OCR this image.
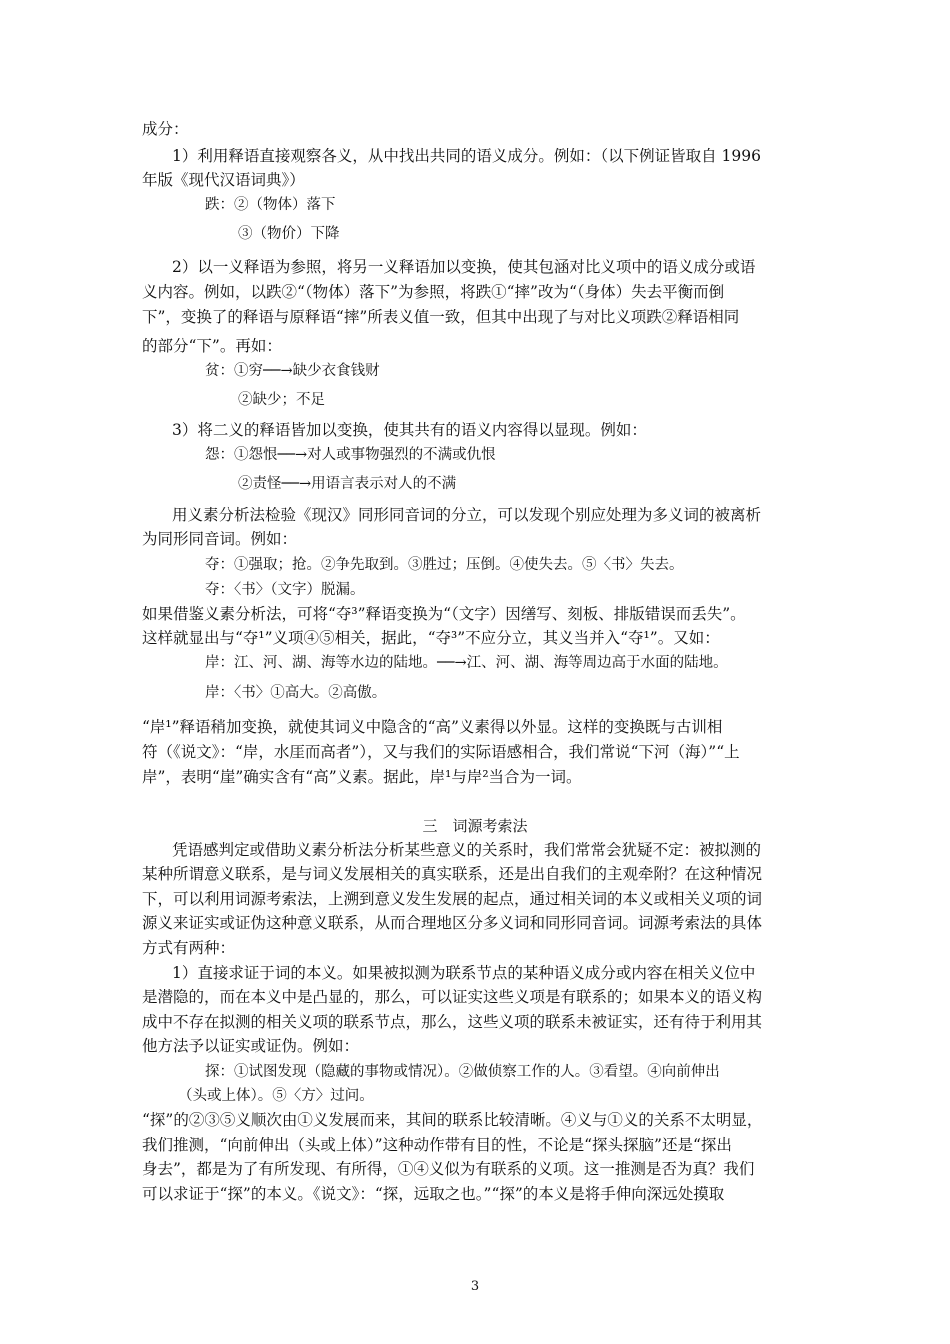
成分：
1）利用释语直接观察各义，从中找出共同的语义成分。例如：（以下例证皆取自 1996
年版《现代汉语词典》）
跌：②（物体）落下
③（物价）下降
2）以一义释语为参照，将另一义释语加以变换，使其包涵对比义项中的语义成分或语
义内容。例如，以跌②“（物体）落下”为参照，将跌①“摔”改为“（身体）失去平衡而倒
下”，变换了的释语与原释语“摔”所表义值一致，但其中出现了与对比义项跌②释语相同
的部分“下”。再如：
贫：①穷──→缺少衣食钱财
②缺少；不足
3）将二义的释语皆加以变换，使其共有的语义内容得以显现。例如：
怨：①怨恨──→对人或事物强烈的不满或仇恨
②责怪──→用语言表示对人的不满
用义素分析法检验《现汉》同形同音词的分立，可以发现个别应处理为多义词的被离析
为同形同音词。例如：
夺：①强取；抢。②争先取到。③胜过；压倒。④使失去。⑤〈书〉失去。
夺：〈书〉（文字）脱漏。
如果借鉴义素分析法，可将“夺³”释语变换为“（文字）因缮写、刻板、排版错误而丢失”。
这样就显出与“夺¹”义项④⑤相关，据此，“夺³”不应分立，其义当并入“夺¹”。又如：
岸：江、河、湖、海等水边的陆地。──→江、河、湖、海等周边高于水面的陆地。
岸：〈书〉①高大。②高傲。
“岸¹”释语稍加变换，就使其词义中隐含的“高”义素得以外显。这样的变换既与古训相
符（《说文》：“岸，水厓而高者”），又与我们的实际语感相合，我们常说“下河（海）”“上
岸”，表明“崖”确实含有“高”义素。据此，岸¹与岸²当合为一词。
三　词源考索法
凭语感判定或借助义素分析法分析某些意义的关系时，我们常常会犹疑不定：被拟测的
某种所谓意义联系，是与词义发展相关的真实联系，还是出自我们的主观牵附？在这种情况
下，可以利用词源考索法，上溯到意义发生发展的起点，通过相关词的本义或相关义项的词
源义来证实或证伪这种意义联系，从而合理地区分多义词和同形同音词。词源考索法的具体
方式有两种：
1）直接求证于词的本义。如果被拟测为联系节点的某种语义成分或内容在相关义位中
是潜隐的，而在本义中是凸显的，那么，可以证实这些义项是有联系的；如果本义的语义构
成中不存在拟测的相关义项的联系节点，那么，这些义项的联系未被证实，还有待于利用其
他方法予以证实或证伪。例如：
探：①试图发现（隐藏的事物或情况）。②做侦察工作的人。③看望。④向前伸出
（头或上体）。⑤〈方〉过问。
“探”的②③⑤义顺次由①义发展而来，其间的联系比较清晰。④义与①义的关系不太明显，
我们推测，“向前伸出（头或上体）”这种动作带有目的性，不论是“探头探脑”还是“探出
身去”，都是为了有所发现、有所得，①④义似为有联系的义项。这一推测是否为真？我们
可以求证于“探”的本义。《说文》：“探，远取之也。”“探”的本义是将手伸向深远处摸取
3
